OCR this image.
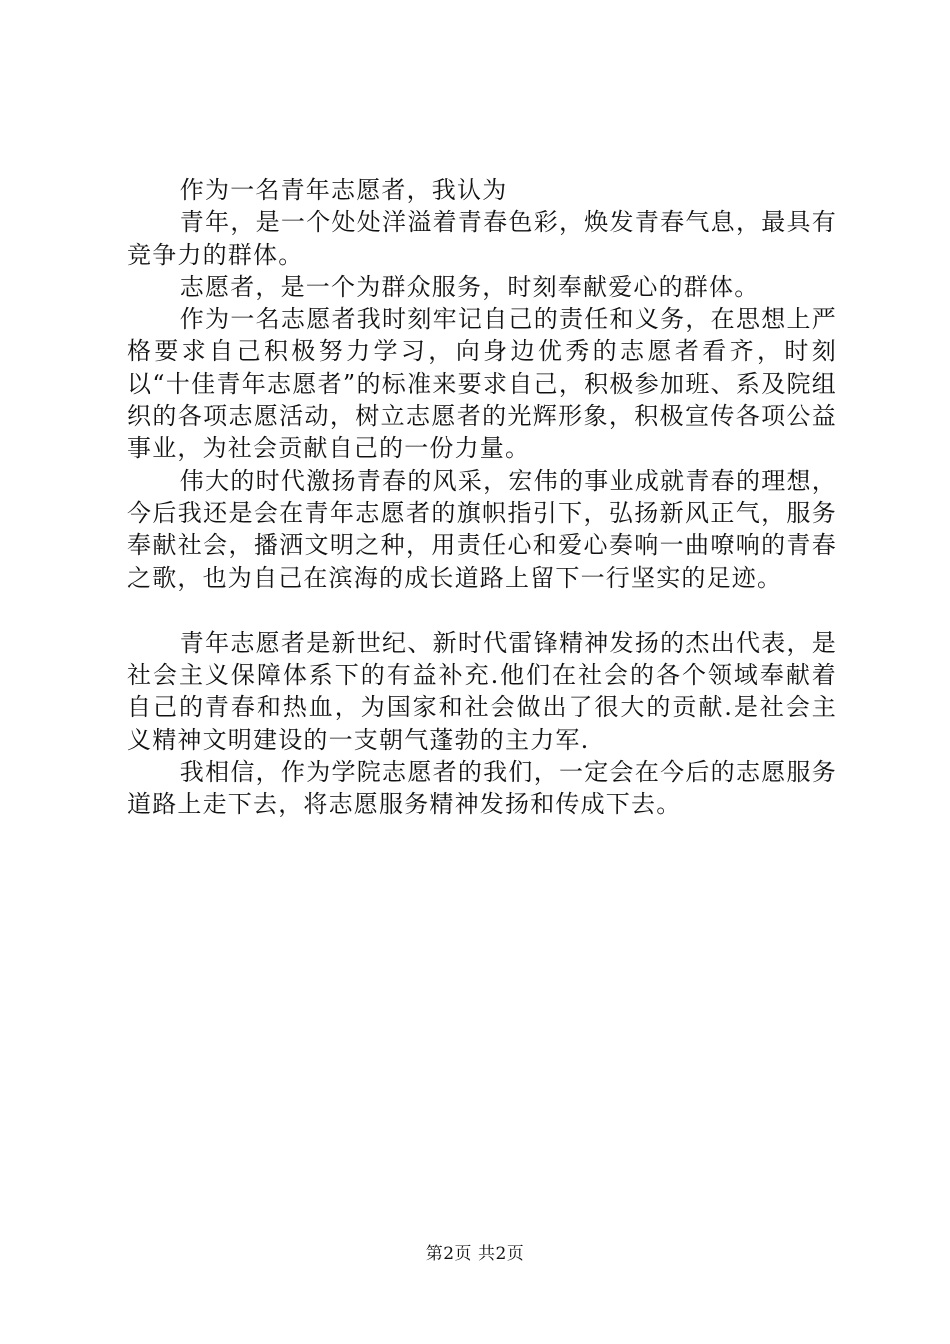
作为一名青年志愿者，我认为

青年，是一个处处洋溢着青春色彩，焕发青春气息，最具有竞争力的群体。

志愿者，是一个为群众服务，时刻奉献爱心的群体。

作为一名志愿者我时刻牢记自己的责任和义务，在思想上严格要求自己积极努力学习，向身边优秀的志愿者看齐，时刻以“十佳青年志愿者”的标准来要求自己，积极参加班、系及院组织的各项志愿活动，树立志愿者的光辉形象，积极宣传各项公益事业，为社会贡献自己的一份力量。

伟大的时代激扬青春的风采，宏伟的事业成就青春的理想，今后我还是会在青年志愿者的旗帜指引下，弘扬新风正气，服务奉献社会，播洒文明之种，用责任心和爱心奏响一曲嘹响的青春之歌，也为自己在滨海的成长道路上留下一行坚实的足迹。

青年志愿者是新世纪、新时代雷锋精神发扬的杰出代表，是社会主义保障体系下的有益补充.他们在社会的各个领域奉献着自己的青春和热血，为国家和社会做出了很大的贡献.是社会主义精神文明建设的一支朝气蓬勃的主力军.

我相信，作为学院志愿者的我们，一定会在今后的志愿服务道路上走下去，将志愿服务精神发扬和传成下去。

第2页 共2页
